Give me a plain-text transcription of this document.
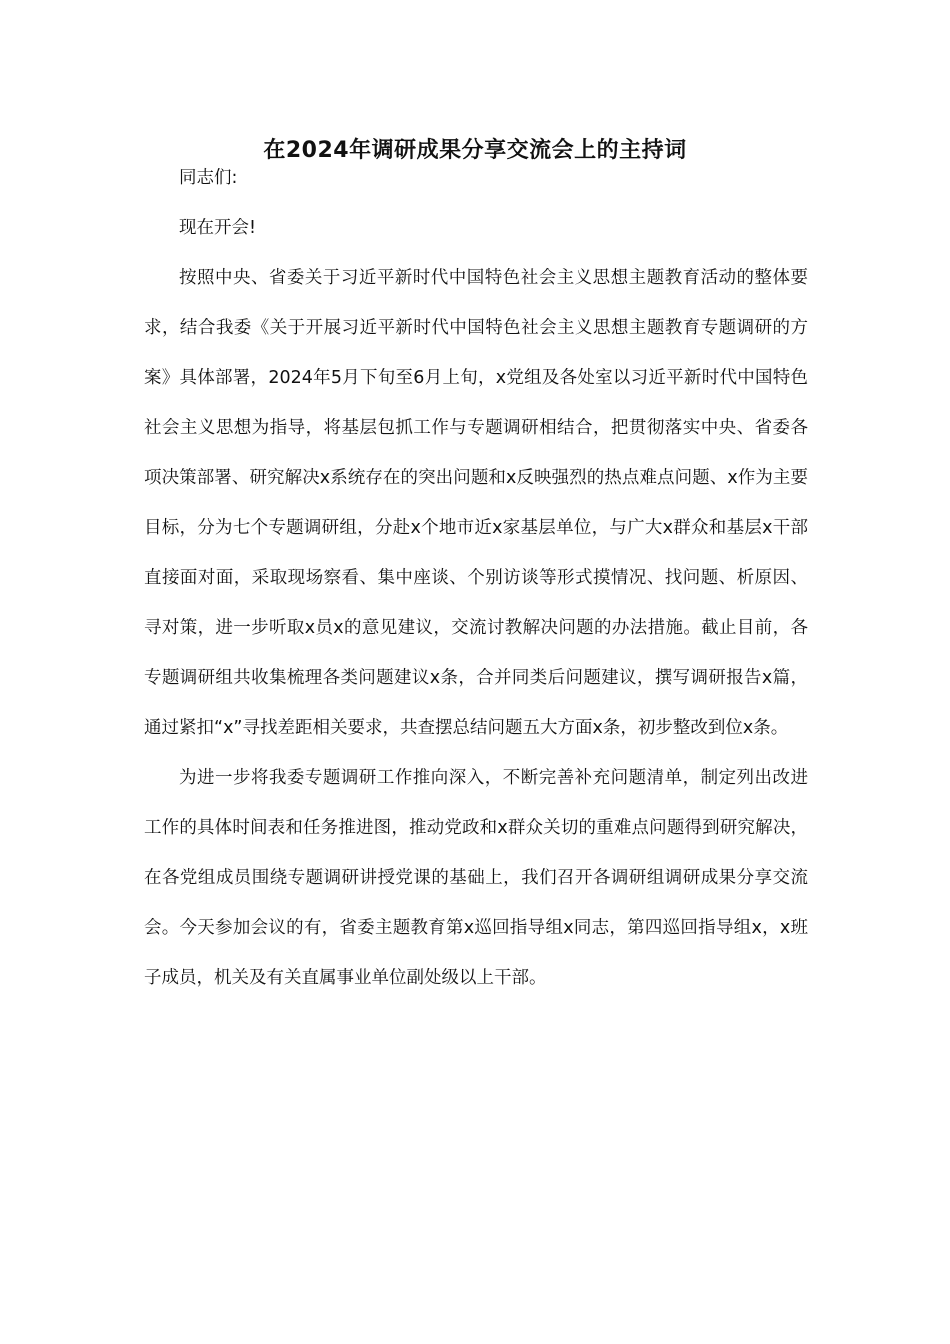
在2024年调研成果分享交流会上的主持词

同志们:

现在开会!

按照中央、省委关于习近平新时代中国特色社会主义思想主题教育活动的整体要求，结合我委《关于开展习近平新时代中国特色社会主义思想主题教育专题调研的方案》具体部署，2024年5月下旬至6月上旬，x党组及各处室以习近平新时代中国特色社会主义思想为指导，将基层包抓工作与专题调研相结合，把贯彻落实中央、省委各项决策部署、研究解决x系统存在的突出问题和x反映强烈的热点难点问题、x作为主要目标，分为七个专题调研组，分赴x个地市近x家基层单位，与广大x群众和基层x干部直接面对面，采取现场察看、集中座谈、个别访谈等形式摸情况、找问题、析原因、寻对策，进一步听取x员x的意见建议，交流讨教解决问题的办法措施。截止目前，各专题调研组共收集梳理各类问题建议x条，合并同类后问题建议，撰写调研报告x篇，通过紧扣“x”寻找差距相关要求，共查摆总结问题五大方面x条，初步整改到位x条。

为进一步将我委专题调研工作推向深入，不断完善补充问题清单，制定列出改进工作的具体时间表和任务推进图，推动党政和x群众关切的重难点问题得到研究解决，在各党组成员围绕专题调研讲授党课的基础上，我们召开各调研组调研成果分享交流会。今天参加会议的有，省委主题教育第x巡回指导组x同志，第四巡回指导组x，x班子成员，机关及有关直属事业单位副处级以上干部。
